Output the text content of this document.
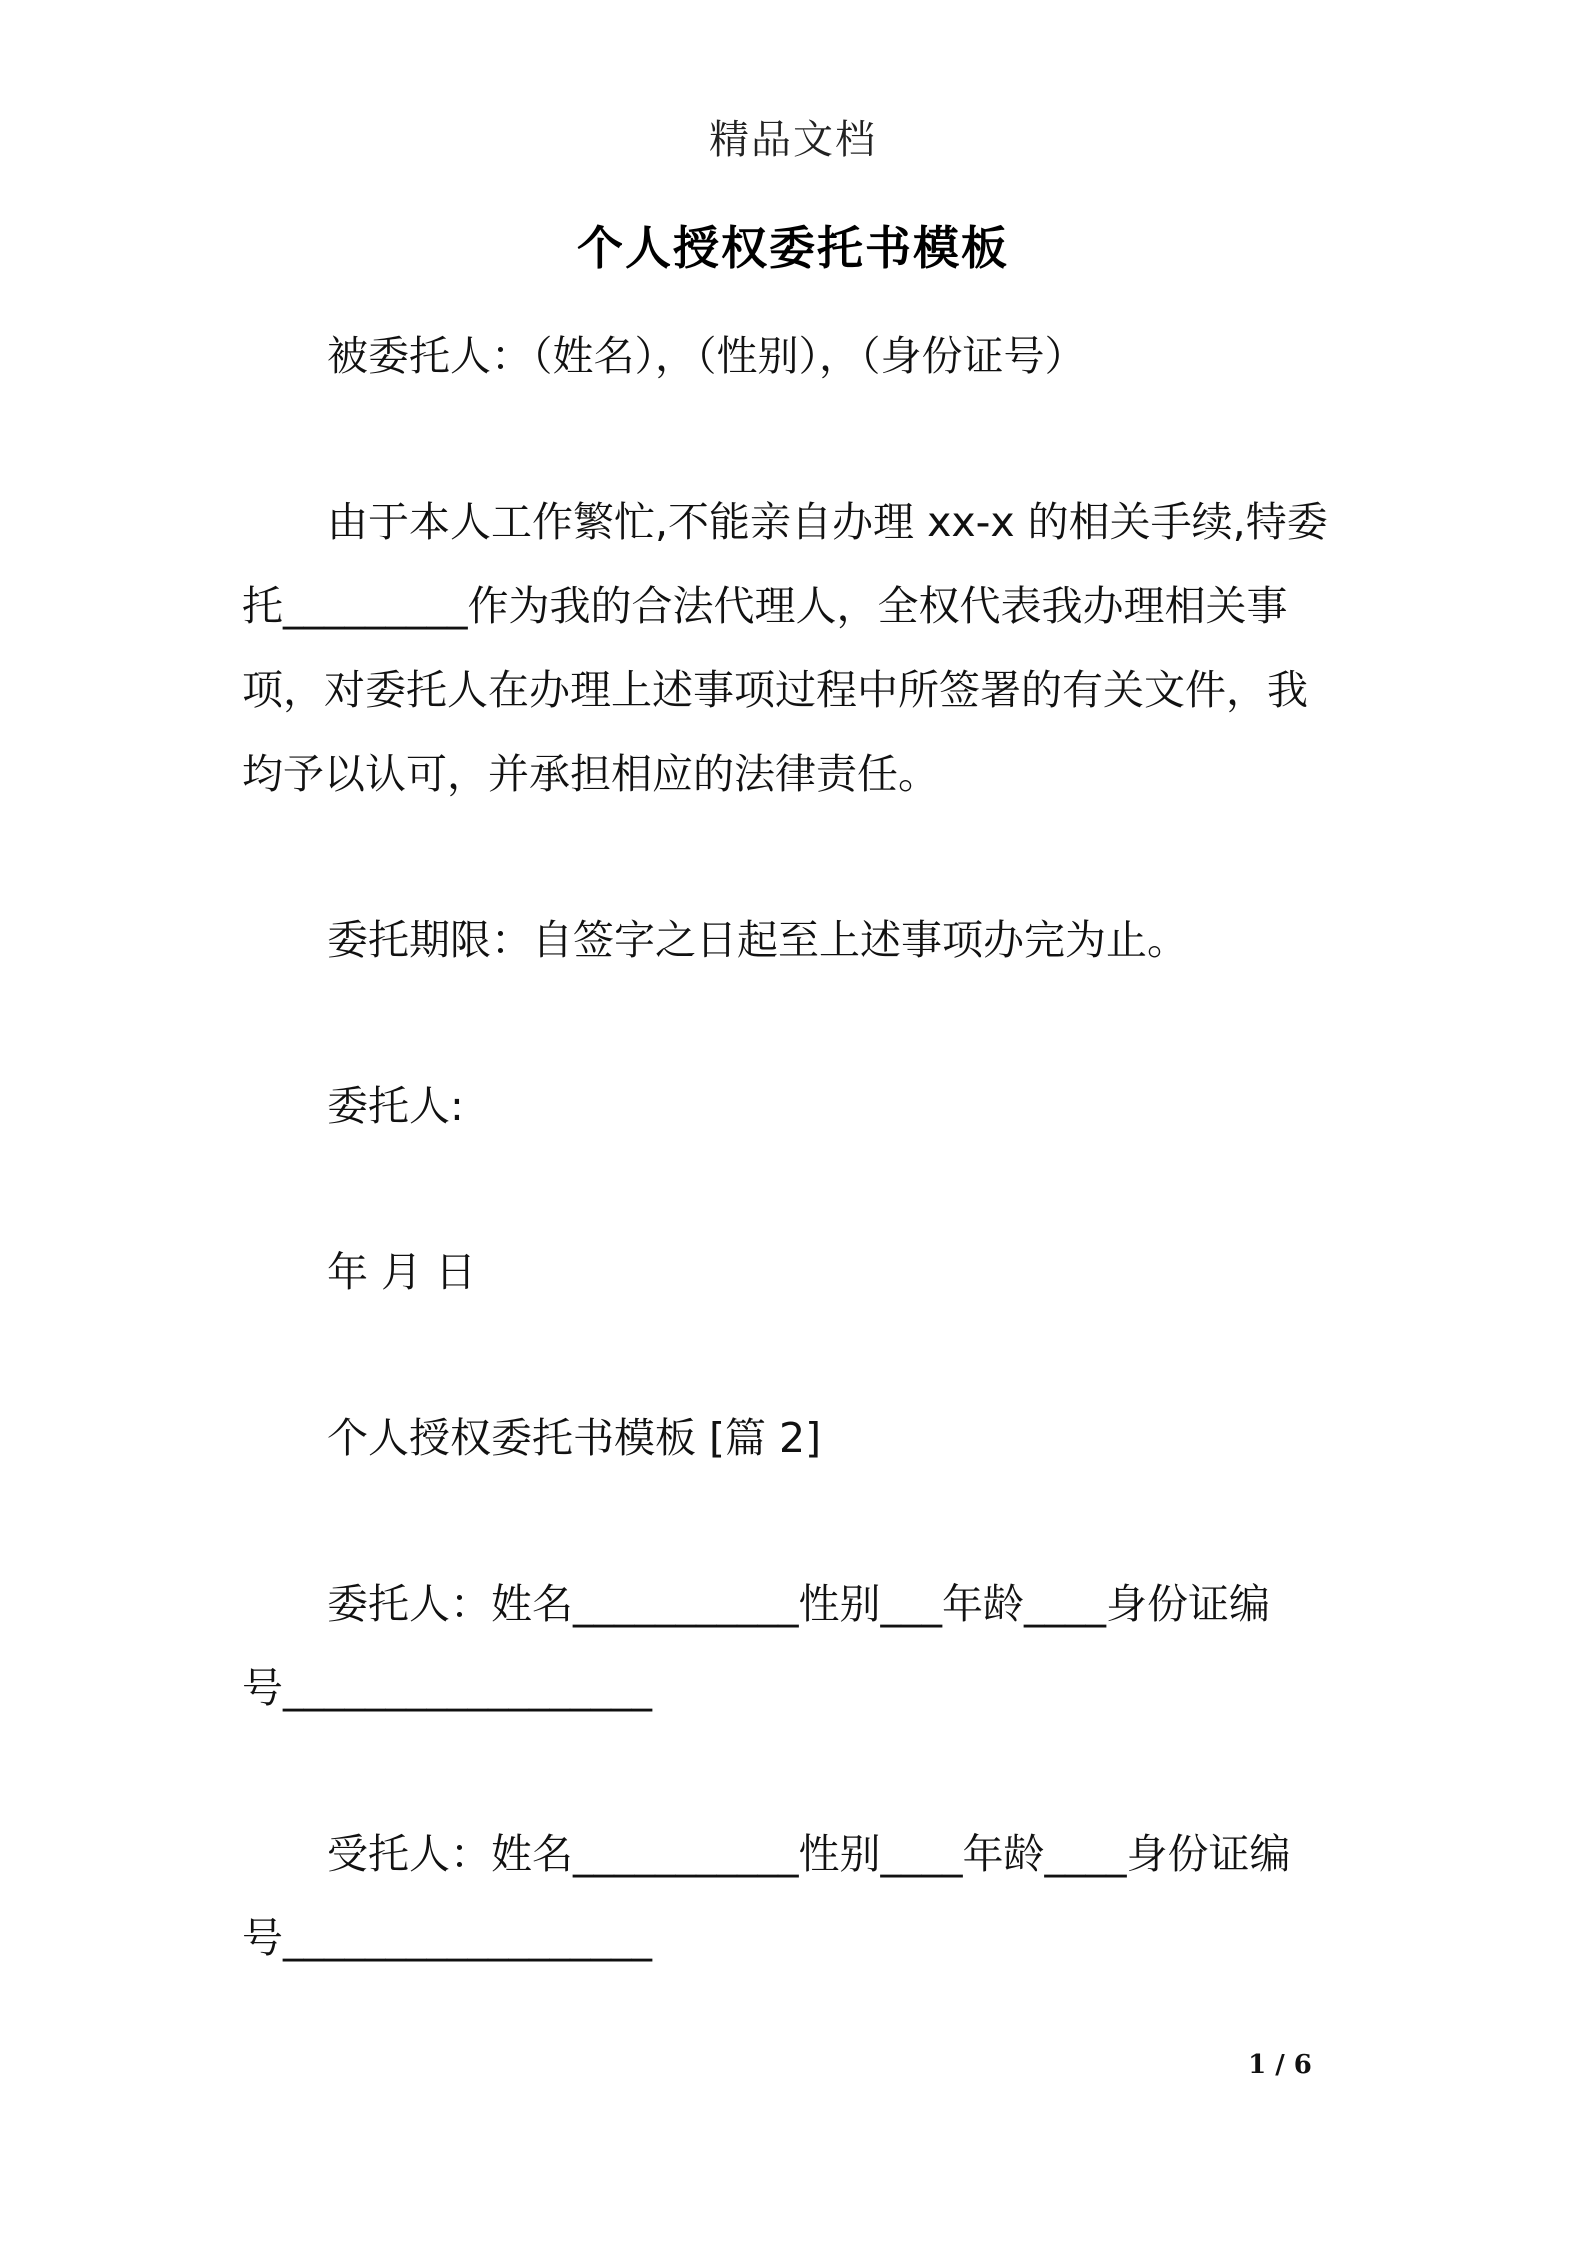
精品文档
个人授权委托书模板
被委托人：（姓名），（性别），（身份证号）
由于本人工作繁忙,不能亲自办理 xx-x 的相关手续,特委
托_________作为我的合法代理人，全权代表我办理相关事
项，对委托人在办理上述事项过程中所签署的有关文件，我
均予以认可，并承担相应的法律责任。
委托期限：自签字之日起至上述事项办完为止。
委托人:
年 月 日
个人授权委托书模板 [篇 2]
委托人：姓名___________性别___年龄____身份证编
号__________________
受托人：姓名___________性别____年龄____身份证编
号__________________
1 / 6
